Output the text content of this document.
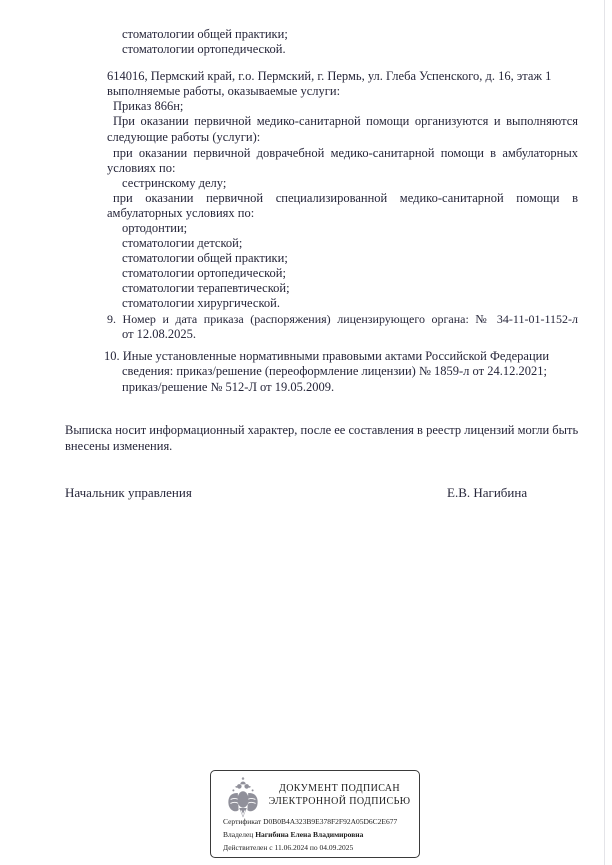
стоматологии общей практики;
стоматологии ортопедической.
614016, Пермский край, г.о. Пермский, г. Пермь, ул. Глеба Успенского, д. 16, этаж 1
выполняемые работы, оказываемые услуги:
Приказ 866н;
При оказании первичной медико-санитарной помощи организуются и выполняются
следующие работы (услуги):
при оказании первичной доврачебной медико-санитарной помощи в амбулаторных
условиях по:
сестринскому делу;
при оказании первичной специализированной медико-санитарной помощи в
амбулаторных условиях по:
ортодонтии;
стоматологии детской;
стоматологии общей практики;
стоматологии ортопедической;
стоматологии терапевтической;
стоматологии хирургической.
9. Номер и дата приказа (распоряжения) лицензирующего органа: № 34-11-01-1152-л
от 12.08.2025.
10. Иные установленные нормативными правовыми актами Российской Федерации
сведения: приказ/решение (переоформление лицензии) № 1859-л от 24.12.2021;
приказ/решение № 512-Л от 19.05.2009.
Выписка носит информационный характер, после ее составления в реестр лицензий могли быть
внесены изменения.
Начальник управления	Е.В. Нагибина
ДОКУМЕНТ ПОДПИСАН
ЭЛЕКТРОННОЙ ПОДПИСЬЮ
Сертификат D0B0B4A323B9E378F2F92A05D6C2E677
Владелец Нагибина Елена Владимировна
Действителен с 11.06.2024 по 04.09.2025
